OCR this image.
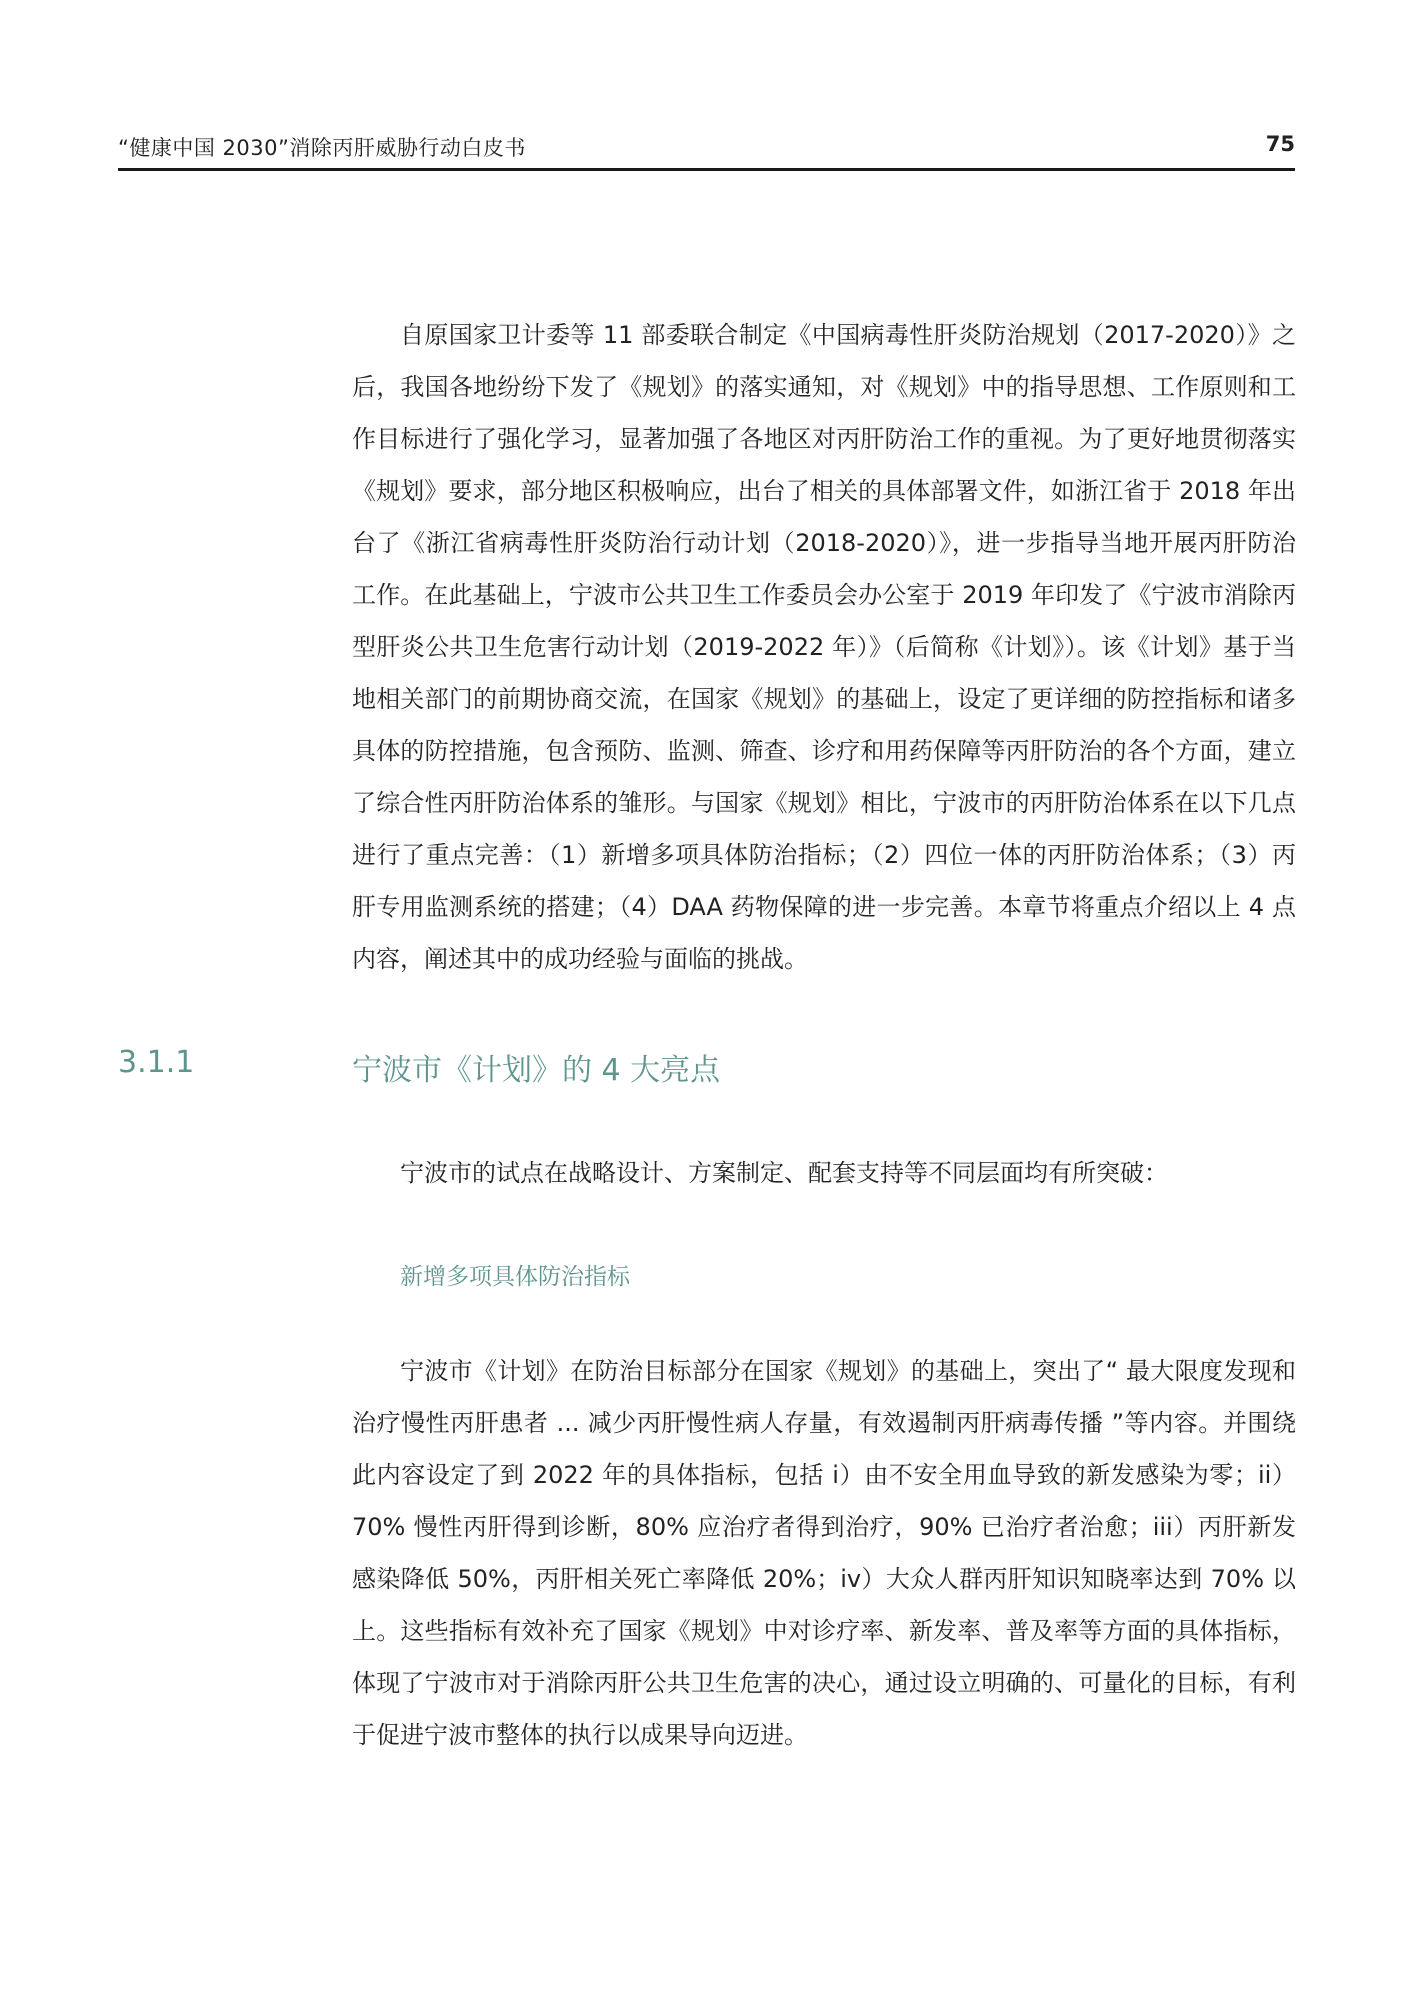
“健康中国 2030”消除丙肝威胁行动白皮书	75

自原国家卫计委等 11 部委联合制定《中国病毒性肝炎防治规划（2017-2020）》之后，我国各地纷纷下发了《规划》的落实通知，对《规划》中的指导思想、工作原则和工作目标进行了强化学习，显著加强了各地区对丙肝防治工作的重视。为了更好地贯彻落实《规划》要求，部分地区积极响应，出台了相关的具体部署文件，如浙江省于 2018 年出台了《浙江省病毒性肝炎防治行动计划（2018-2020）》，进一步指导当地开展丙肝防治工作。在此基础上，宁波市公共卫生工作委员会办公室于 2019 年印发了《宁波市消除丙型肝炎公共卫生危害行动计划（2019-2022 年）》（后简称《计划》）。该《计划》基于当地相关部门的前期协商交流，在国家《规划》的基础上，设定了更详细的防控指标和诸多具体的防控措施，包含预防、监测、筛查、诊疗和用药保障等丙肝防治的各个方面，建立了综合性丙肝防治体系的雏形。与国家《规划》相比，宁波市的丙肝防治体系在以下几点进行了重点完善：（1）新增多项具体防治指标；（2）四位一体的丙肝防治体系；（3）丙肝专用监测系统的搭建；（4）DAA 药物保障的进一步完善。本章节将重点介绍以上 4 点内容，阐述其中的成功经验与面临的挑战。

3.1.1	宁波市《计划》的 4 大亮点

宁波市的试点在战略设计、方案制定、配套支持等不同层面均有所突破：

新增多项具体防治指标

宁波市《计划》在防治目标部分在国家《规划》的基础上，突出了“ 最大限度发现和治疗慢性丙肝患者 ... 减少丙肝慢性病人存量，有效遏制丙肝病毒传播 ”等内容。并围绕此内容设定了到 2022 年的具体指标，包括 i）由不安全用血导致的新发感染为零；ii）70% 慢性丙肝得到诊断，80% 应治疗者得到治疗，90% 已治疗者治愈；iii）丙肝新发感染降低 50%，丙肝相关死亡率降低 20%；iv）大众人群丙肝知识知晓率达到 70% 以上。这些指标有效补充了国家《规划》中对诊疗率、新发率、普及率等方面的具体指标，体现了宁波市对于消除丙肝公共卫生危害的决心，通过设立明确的、可量化的目标，有利于促进宁波市整体的执行以成果导向迈进。
